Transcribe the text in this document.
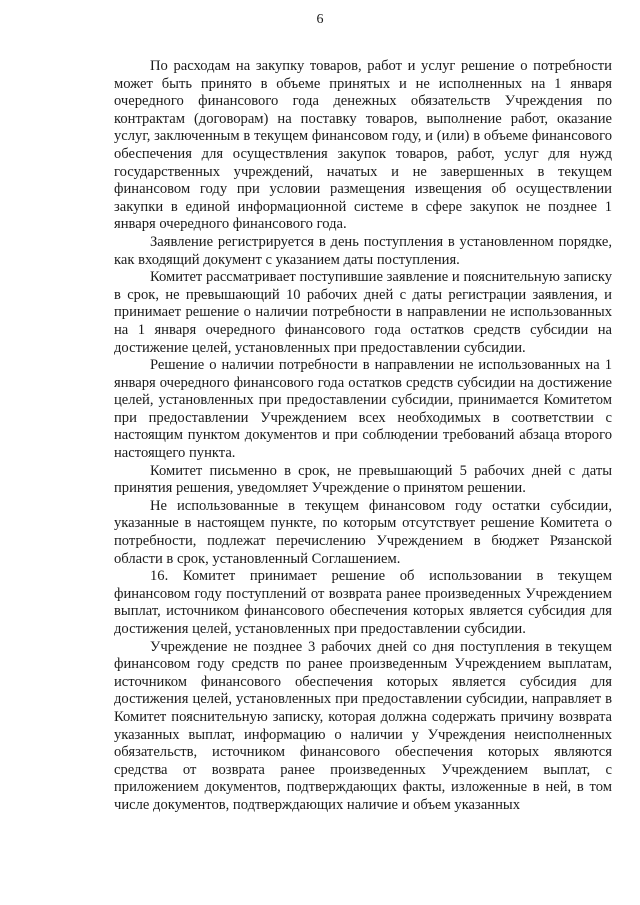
6

По расходам на закупку товаров, работ и услуг решение о потребности может быть принято в объеме принятых и не исполненных на 1 января очередного финансового года денежных обязательств Учреждения по контрактам (договорам) на поставку товаров, выполнение работ, оказание услуг, заключенным в текущем финансовом году, и (или) в объеме финансового обеспечения для осуществления закупок товаров, работ, услуг для нужд государственных учреждений, начатых и не завершенных в текущем финансовом году при условии размещения извещения об осуществлении закупки в единой информационной системе в сфере закупок не позднее 1 января очередного финансового года.

Заявление регистрируется в день поступления в установленном порядке, как входящий документ с указанием даты поступления.

Комитет рассматривает поступившие заявление и пояснительную записку в срок, не превышающий 10 рабочих дней с даты регистрации заявления, и принимает решение о наличии потребности в направлении не использованных на 1 января очередного финансового года остатков средств субсидии на достижение целей, установленных при предоставлении субсидии.

Решение о наличии потребности в направлении не использованных на 1 января очередного финансового года остатков средств субсидии на достижение целей, установленных при предоставлении субсидии, принимается Комитетом при предоставлении Учреждением всех необходимых в соответствии с настоящим пунктом документов и при соблюдении требований абзаца второго настоящего пункта.

Комитет письменно в срок, не превышающий 5 рабочих дней с даты принятия решения, уведомляет Учреждение о принятом решении.

Не использованные в текущем финансовом году остатки субсидии, указанные в настоящем пункте, по которым отсутствует решение Комитета о потребности, подлежат перечислению Учреждением в бюджет Рязанской области в срок, установленный Соглашением.

16. Комитет принимает решение об использовании в текущем финансовом году поступлений от возврата ранее произведенных Учреждением выплат, источником финансового обеспечения которых является субсидия для достижения целей, установленных при предоставлении субсидии.

Учреждение не позднее 3 рабочих дней со дня поступления в текущем финансовом году средств по ранее произведенным Учреждением выплатам, источником финансового обеспечения которых является субсидия для достижения целей, установленных при предоставлении субсидии, направляет в Комитет пояснительную записку, которая должна содержать причину возврата указанных выплат, информацию о наличии у Учреждения неисполненных обязательств, источником финансового обеспечения которых являются средства от возврата ранее произведенных Учреждением выплат, с приложением документов, подтверждающих факты, изложенные в ней, в том числе документов, подтверждающих наличие и объем указанных
